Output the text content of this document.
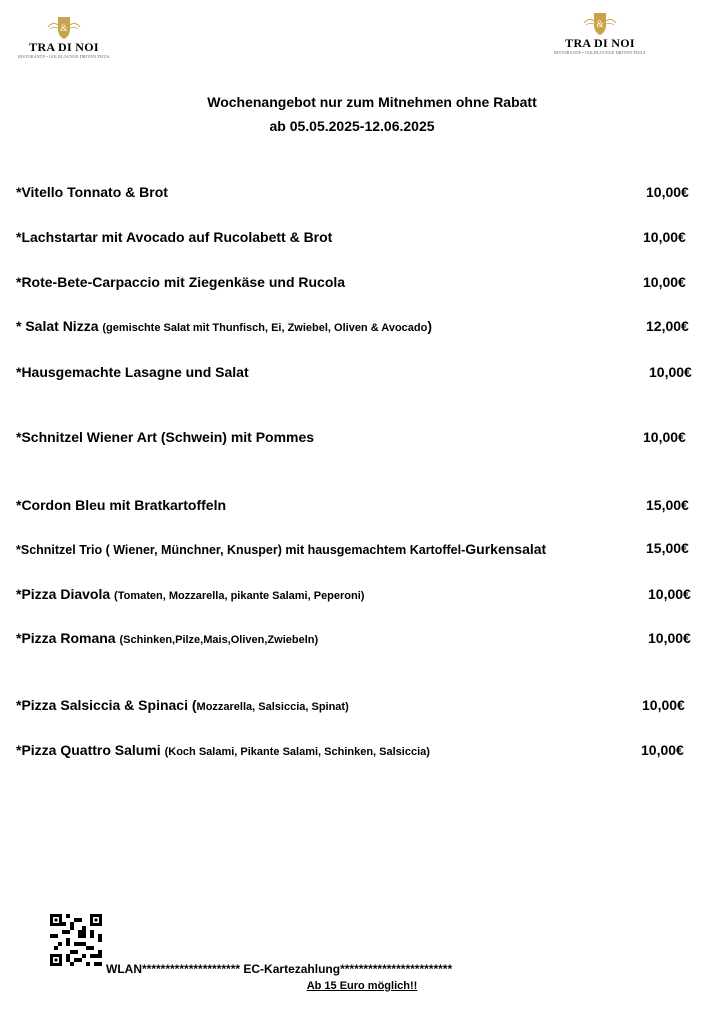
&
TRA DI NOI
RISTORANTE • GOLDLOUNGE DRIVEN PIZZA
&
TRA DI NOI
RISTORANTE • GOLDLOUNGE DRIVEN PIZZA
Wochenangebot nur zum Mitnehmen ohne Rabatt
ab 05.05.2025-12.06.2025
*Vitello Tonnato & Brot	10,00€
*Lachstartar mit Avocado auf Rucolabett & Brot	10,00€
*Rote-Bete-Carpaccio mit Ziegenkäse und Rucola	10,00€
* Salat Nizza (gemischte Salat mit Thunfisch, Ei, Zwiebel, Oliven & Avocado)	12,00€
*Hausgemachte Lasagne und Salat	10,00€
*Schnitzel Wiener Art (Schwein) mit Pommes	10,00€
*Cordon Bleu mit Bratkartoffeln	15,00€
*Schnitzel Trio ( Wiener, Münchner, Knusper) mit hausgemachtem Kartoffel-Gurkensalat	15,00€
*Pizza Diavola (Tomaten, Mozzarella, pikante Salami, Peperoni)	10,00€
*Pizza Romana (Schinken,Pilze,Mais,Oliven,Zwiebeln)	10,00€
*Pizza Salsiccia & Spinaci (Mozzarella, Salsiccia, Spinat)	10,00€
*Pizza Quattro Salumi (Koch Salami, Pikante Salami, Schinken, Salsiccia)	10,00€
WLAN********************* EC-Kartezahlung************************
Ab 15 Euro möglich!!
